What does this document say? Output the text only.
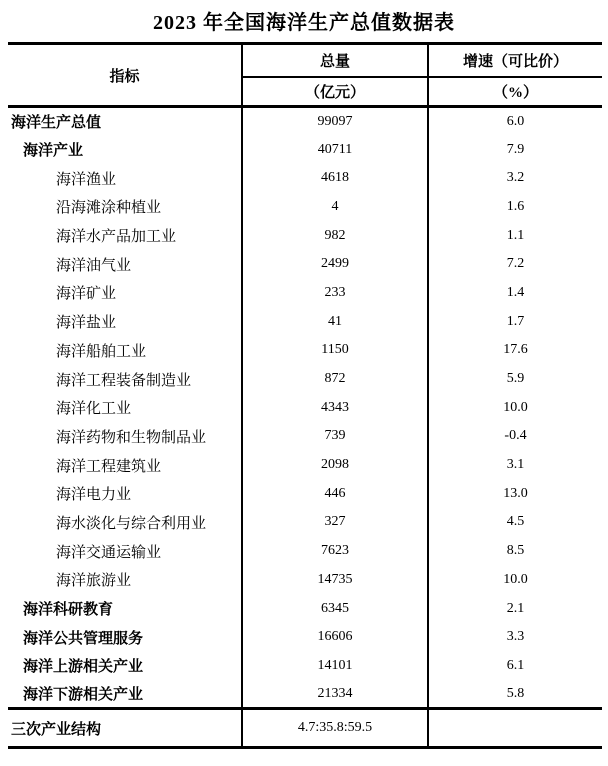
2023 年全国海洋生产总值数据表
指标	总量	增速（可比价）
	（亿元）	（%）
海洋生产总值	99097	6.0
海洋产业	40711	7.9
海洋渔业	4618	3.2
沿海滩涂种植业	4	1.6
海洋水产品加工业	982	1.1
海洋油气业	2499	7.2
海洋矿业	233	1.4
海洋盐业	41	1.7
海洋船舶工业	1150	17.6
海洋工程装备制造业	872	5.9
海洋化工业	4343	10.0
海洋药物和生物制品业	739	-0.4
海洋工程建筑业	2098	3.1
海洋电力业	446	13.0
海水淡化与综合利用业	327	4.5
海洋交通运输业	7623	8.5
海洋旅游业	14735	10.0
海洋科研教育	6345	2.1
海洋公共管理服务	16606	3.3
海洋上游相关产业	14101	6.1
海洋下游相关产业	21334	5.8
三次产业结构	4.7:35.8:59.5	
